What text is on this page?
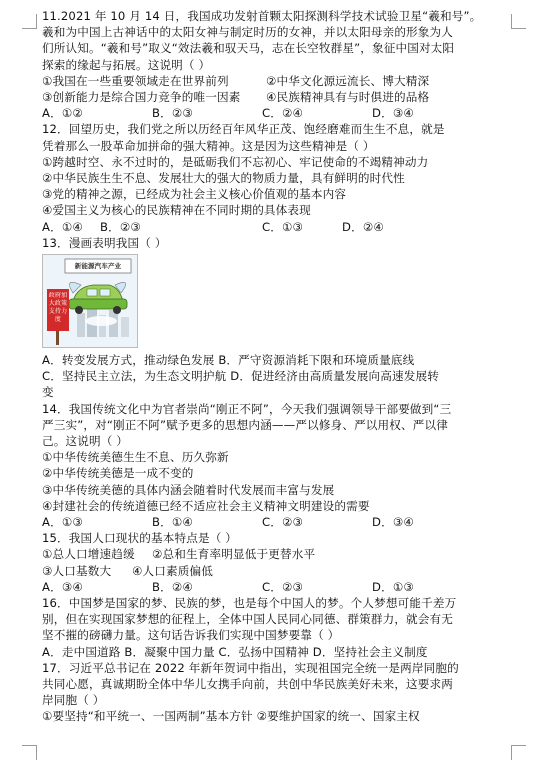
11.2021 年 10 月 14 日，我国成功发射首颗太阳探测科学技术试验卫星“羲和号”。
羲和为中国上古神话中的太阳女神与制定时历的女神，并以太阳母亲的形象为人
们所认知。“羲和号”取义“效法羲和驭天马，志在长空牧群星”，象征中国对太阳
探索的缘起与拓展。这说明（ ）
①我国在一些重要领域走在世界前列	②中华文化源远流长、博大精深
③创新能力是综合国力竞争的唯一因素 ④民族精神具有与时俱进的品格
A．①②	B．②③	C．②④	D．③④
12．回望历史，我们党之所以历经百年风华正茂、饱经磨难而生生不息，就是
凭着那么一股革命加拼命的强大精神。这是因为这些精神是（ ）
①跨越时空、永不过时的，是砥砺我们不忘初心、牢记使命的不竭精神动力
②中华民族生生不息、发展壮大的强大的物质力量，具有鲜明的时代性
③党的精神之源，已经成为社会主义核心价值观的基本内容
④爱国主义为核心的民族精神在不同时期的具体表现
A．①④ B．②③	C．①③	D．②④
13．漫画表明我国（ ）
新能源汽车产业
政府加大政策支持力度
A．转变发展方式，推动绿色发展 B．严守资源消耗下限和环境质量底线
C．坚持民主立法，为生态文明护航 D．促进经济由高质量发展向高速发展转
变
14．我国传统文化中为官者崇尚“刚正不阿”，今天我们强调领导干部要做到“三
严三实”，对“刚正不阿”赋予更多的思想内涵——严以修身、严以用权、严以律
己。这说明（ ）
①中华传统美德生生不息、历久弥新
②中华传统美德是一成不变的
③中华传统美德的具体内涵会随着时代发展而丰富与发展
④封建社会的传统道德已经不适应社会主义精神文明建设的需要
A．①③	B．①④	C．②③	D．③④
15．我国人口现状的基本特点是（ ）
①总人口增速趋缓 ②总和生育率明显低于更替水平
③人口基数大 ④人口素质偏低
A．③④	B．②④	C．②③	D．①③
16．中国梦是国家的梦、民族的梦，也是每个中国人的梦。个人梦想可能千差万
别，但在实现国家梦想的征程上，全体中国人民同心同德、群策群力，就会有无
坚不摧的磅礴力量。这句话告诉我们实现中国梦要靠（ ）
A．走中国道路 B．凝聚中国力量 C．弘扬中国精神 D．坚持社会主义制度
17．习近平总书记在 2022 年新年贺词中指出，实现祖国完全统一是两岸同胞的
共同心愿，真诚期盼全体中华儿女携手向前，共创中华民族美好未来，这要求两
岸同胞（ ）
①要坚持“和平统一、一国两制”基本方针 ②要维护国家的统一、国家主权
